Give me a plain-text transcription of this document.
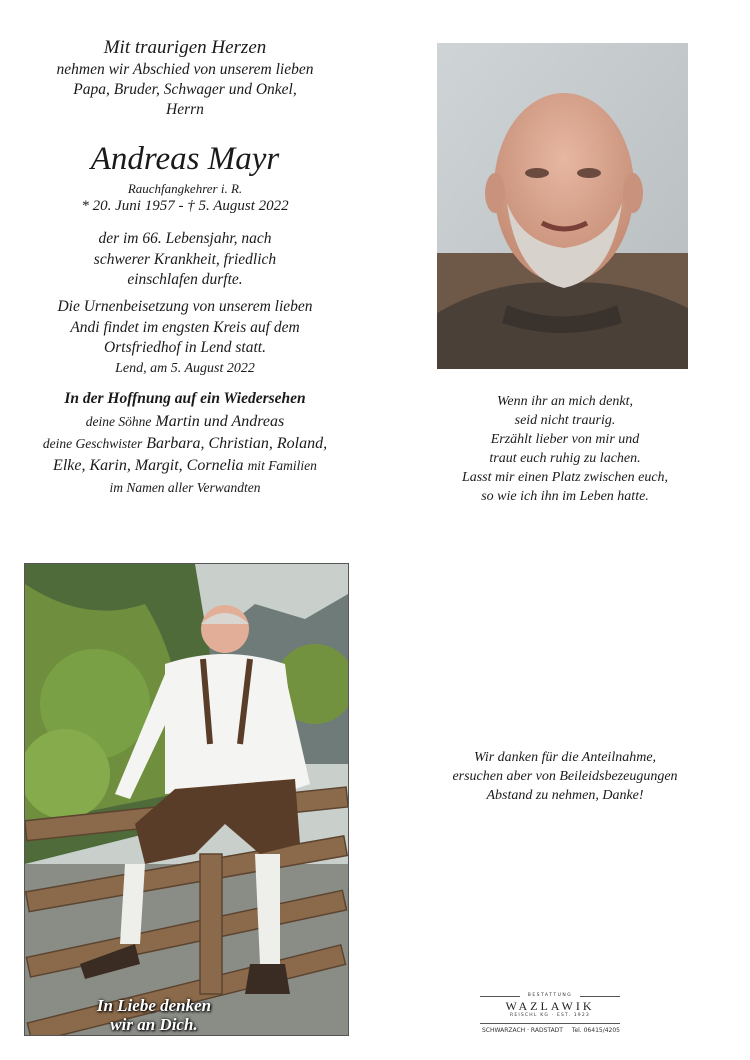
Mit traurigen Herzen
nehmen wir Abschied von unserem lieben
Papa, Bruder, Schwager und Onkel,
Herrn
Andreas Mayr
Rauchfangkehrer i. R.
* 20. Juni 1957 - † 5. August 2022
der im 66. Lebensjahr, nach
schwerer Krankheit, friedlich
einschlafen durfte.
Die Urnenbeisetzung von unserem lieben
Andi findet im engsten Kreis auf dem
Ortsfriedhof in Lend statt.
Lend, am 5. August 2022
In der Hoffnung auf ein Wiedersehen
deine Söhne Martin und Andreas
deine Geschwister Barbara, Christian, Roland,
Elke, Karin, Margit, Cornelia mit Familien
im Namen aller Verwandten
Wenn ihr an mich denkt,
seid nicht traurig.
Erzählt lieber von mir und
traut euch ruhig zu lachen.
Lasst mir einen Platz zwischen euch,
so wie ich ihn im Leben hatte.
Wir danken für die Anteilnahme,
ersuchen aber von Beileidsbezeugungen
Abstand zu nehmen, Danke!
In Liebe denken
wir an Dich.
BESTATTUNG
WAZLAWIK
REISCHL KG · EST. 1923
SCHWARZACH · RADSTADT Tel. 06415/4205
